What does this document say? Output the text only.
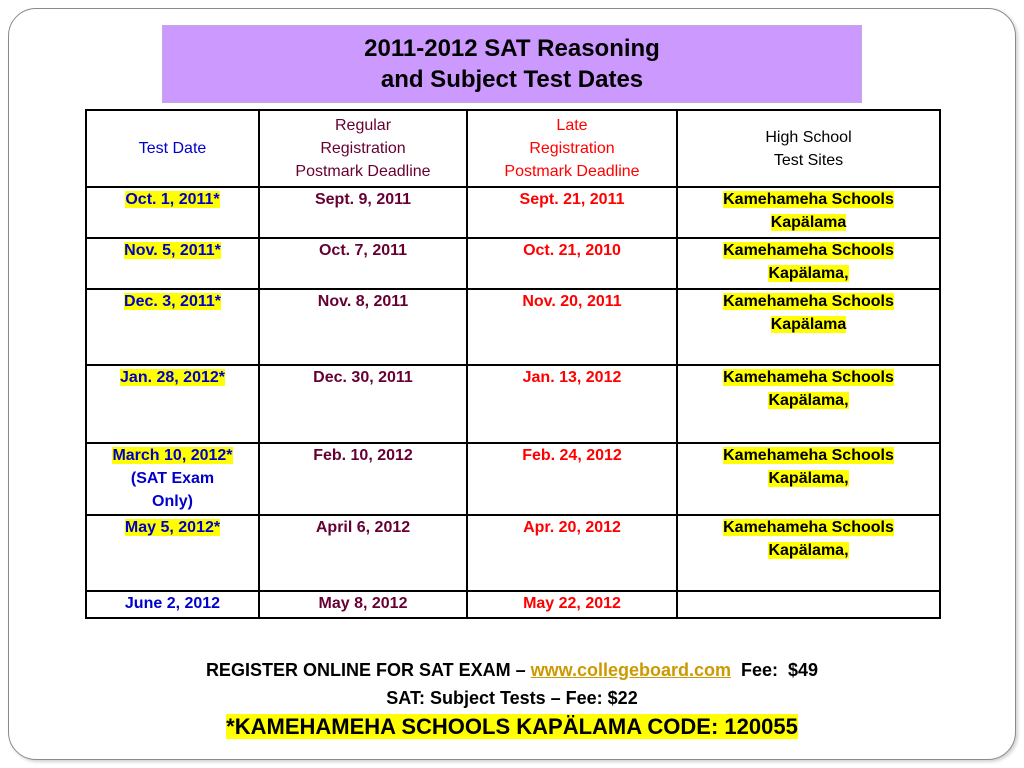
2011-2012 SAT Reasoning
and Subject Test Dates
Test Date	Regular
Registration
Postmark Deadline	Late
Registration
Postmark Deadline	High School
Test Sites

Oct. 1, 2011*	Sept. 9, 2011	Sept. 21, 2011	Kamehameha Schools
Kapälama
Nov. 5, 2011*	Oct. 7, 2011	Oct. 21, 2010	Kamehameha Schools
Kapälama,
Dec. 3, 2011*	Nov. 8, 2011	Nov. 20, 2011	Kamehameha Schools
Kapälama
Jan. 28, 2012*	Dec. 30, 2011	Jan. 13, 2012	Kamehameha Schools
Kapälama,
March 10, 2012*
(SAT Exam
Only)	Feb. 10, 2012	Feb. 24, 2012	Kamehameha Schools
Kapälama,
May 5, 2012*	April 6, 2012	Apr. 20, 2012	Kamehameha Schools
Kapälama,
June 2, 2012	May 8, 2012	May 22, 2012	
REGISTER ONLINE FOR SAT EXAM – www.collegeboard.com  Fee:  $49
SAT: Subject Tests – Fee: $22
*KAMEHAMEHA SCHOOLS KAPÄLAMA CODE: 120055
